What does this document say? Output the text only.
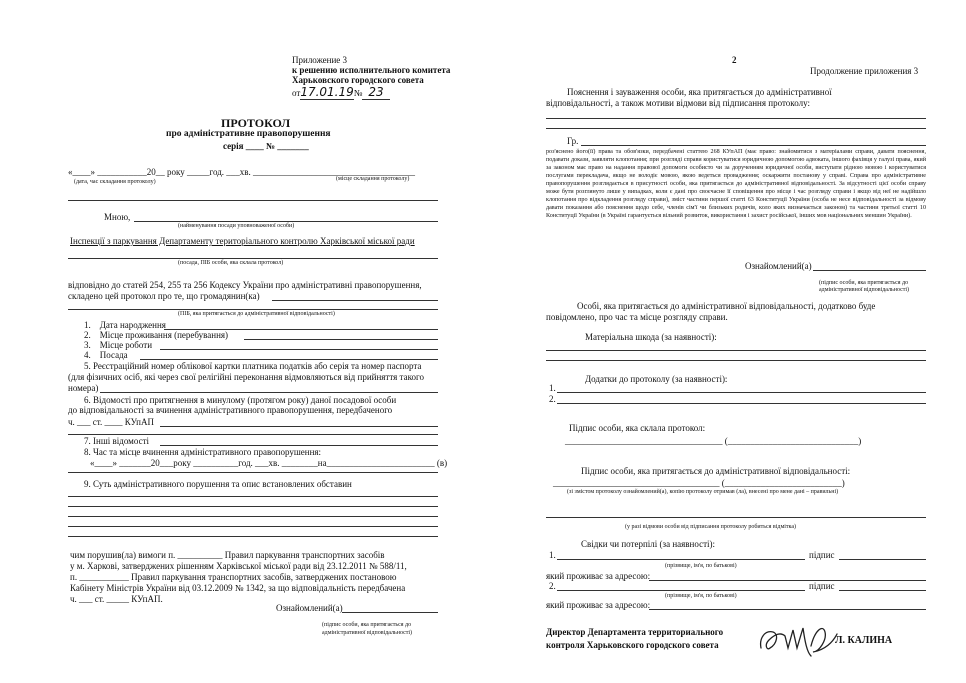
Приложение 3
к решению исполнительного комитета
Харьковского городского совета
от17.01.19№ 23
ПРОТОКОЛ
про адміністративне правопорушення
серія ____ № _______
«____» ___________20__ року _____год. ___хв. ____________________________________
(дата, час складання протоколу)	(місце складання протоколу)
Мною,
(найменування посади уповноваженої особи)
Інспекції з паркування Департаменту територіального контролю Харківської міської ради
(посада, ПІБ особи, яка склала протокол)
відповідно до статей 254, 255 та 256 Кодексу України про адміністративні правопорушення,
складено цей протокол про те, що громадянин(ка)
(ПІБ, яка притягається до адміністративної відповідальності)
1. Дата народження
2. Місце проживання (перебування)
3. Місце роботи
4. Посада
5. Реєстраційний номер облікової картки платника податків або серія та номер паспорта
(для фізичних осіб, які через свої релігійні переконання відмовляються від прийняття такого
номера)
6. Відомості про притягнення в минулому (протягом року) даної посадової особи
до відповідальності за вчинення адміністративного правопорушення, передбаченого
ч. ___ ст. ____ КУпАП
7. Інші відомості
8. Час та місце вчинення адміністративного правопорушення:
«____» _______20___року __________год. ___хв. ________на________________________ (в)
9. Суть адміністративного порушення та опис встановлених обставин
чим порушив(ла) вимоги п. __________ Правил паркування транспортних засобів
у м. Харкові, затверджених рішенням Харківської міської ради від 23.12.2011 № 588/11,
п. ___________ Правил паркування транспортних засобів, затверджених постановою
Кабінету Міністрів України від 03.12.2009 № 1342, за що відповідальність передбачена
ч. ___ ст. _____ КУпАП.
Ознайомлений(а)
(підпис особи, яка притягається до
адміністративної відповідальності)
2
Продолжение приложения 3
Пояснення і зауваження особи, яка притягається до адміністративної
відповідальності, а також мотиви відмови від підписання протоколу:
Гр.
роз'яснено його(її) права та обов'язки, передбачені статтею 268 КУпАП (має право: знайомитися з матеріалами справи, давати пояснення, подавати докази, заявляти клопотання; при розгляді справи користуватися юридичною допомогою адвоката, іншого фахівця у галузі права, який за законом має право на надання правової допомоги особисто чи за дорученням юридичної особи, виступати рідною мовою і користуватися послугами перекладача, якщо не володіє мовою, якою ведеться провадження; оскаржити постанову у справі. Справа про адміністративне правопорушення розглядається в присутності особи, яка притягається до адміністративної відповідальності. За відсутності цієї особи справу може бути розглянуто лише у випадках, коли є дані про своєчасне її сповіщення про місце і час розгляду справи і якщо від неї не надійшло клопотання про відкладення розгляду справи), зміст частини першої статті 63 Конституції України (особа не несе відповідальності за відмову давати показання або пояснення щодо себе, членів сім'ї чи близьких родичів, коло яких визначається законом) та частини третьої статті 10 Конституції України (в Україні гарантується вільний розвиток, використання і захист російської, інших мов національних меншин України).
Ознайомлений(а)
(підпис особи, яка притягається до
адміністративної відповідальності)
Особі, яка притягається до адміністративної відповідальності, додатково буде
повідомлено, про час та місце розгляду справи.
Матеріальна шкода (за наявності):
Додатки до протоколу (за наявності):
1.
2.
Підпис особи, яка склала протокол:
___________________________________ (_____________________________)
Підпис особи, яка притягається до адміністративної відповідальності:
_____________________________________ (__________________________)
(зі змістом протоколу ознайомлений(а), копію протоколу отримав (ла), внесені про мене дані – правильні)
(у разі відмови особи від підписання протоколу робиться відмітка)
Свідки чи потерпілі (за наявності):
1.	підпис
(прізвище, ім'я, по батькові)
який проживає за адресою:
2.	підпис
(прізвище, ім'я, по батькові)
який проживає за адресою:
Директор Департамента территориального
контроля Харьковского городского совета	Л. КАЛИНА
